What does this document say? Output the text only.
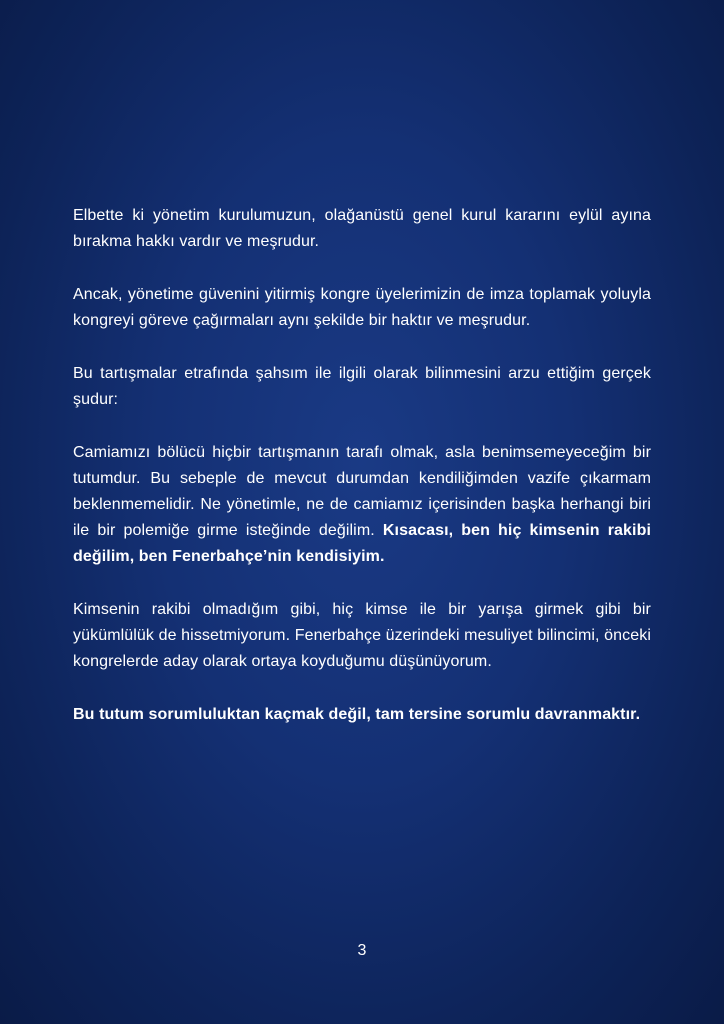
Elbette ki yönetim kurulumuzun, olağanüstü genel kurul kararını eylül ayına bırakma hakkı vardır ve meşrudur.

Ancak, yönetime güvenini yitirmiş kongre üyelerimizin de imza toplamak yoluyla kongreyi göreve çağırmaları aynı şekilde bir haktır ve meşrudur.

Bu tartışmalar etrafında şahsım ile ilgili olarak bilinmesini arzu ettiğim gerçek şudur:

Camiamızı bölücü hiçbir tartışmanın tarafı olmak, asla benimsemeyeceğim bir tutumdur. Bu sebeple de mevcut durumdan kendiliğimden vazife çıkarmam beklenmemelidir. Ne yönetimle, ne de camiamız içerisinden başka herhangi biri ile bir polemiğe girme isteğinde değilim. Kısacası, ben hiç kimsenin rakibi değilim, ben Fenerbahçe’nin kendisiyim.

Kimsenin rakibi olmadığım gibi, hiç kimse ile bir yarışa girmek gibi bir yükümlülük de hissetmiyorum. Fenerbahçe üzerindeki mesuliyet bilincimi, önceki kongrelerde aday olarak ortaya koyduğumu düşünüyorum.

Bu tutum sorumluluktan kaçmak değil, tam tersine sorumlu davranmaktır.

3
